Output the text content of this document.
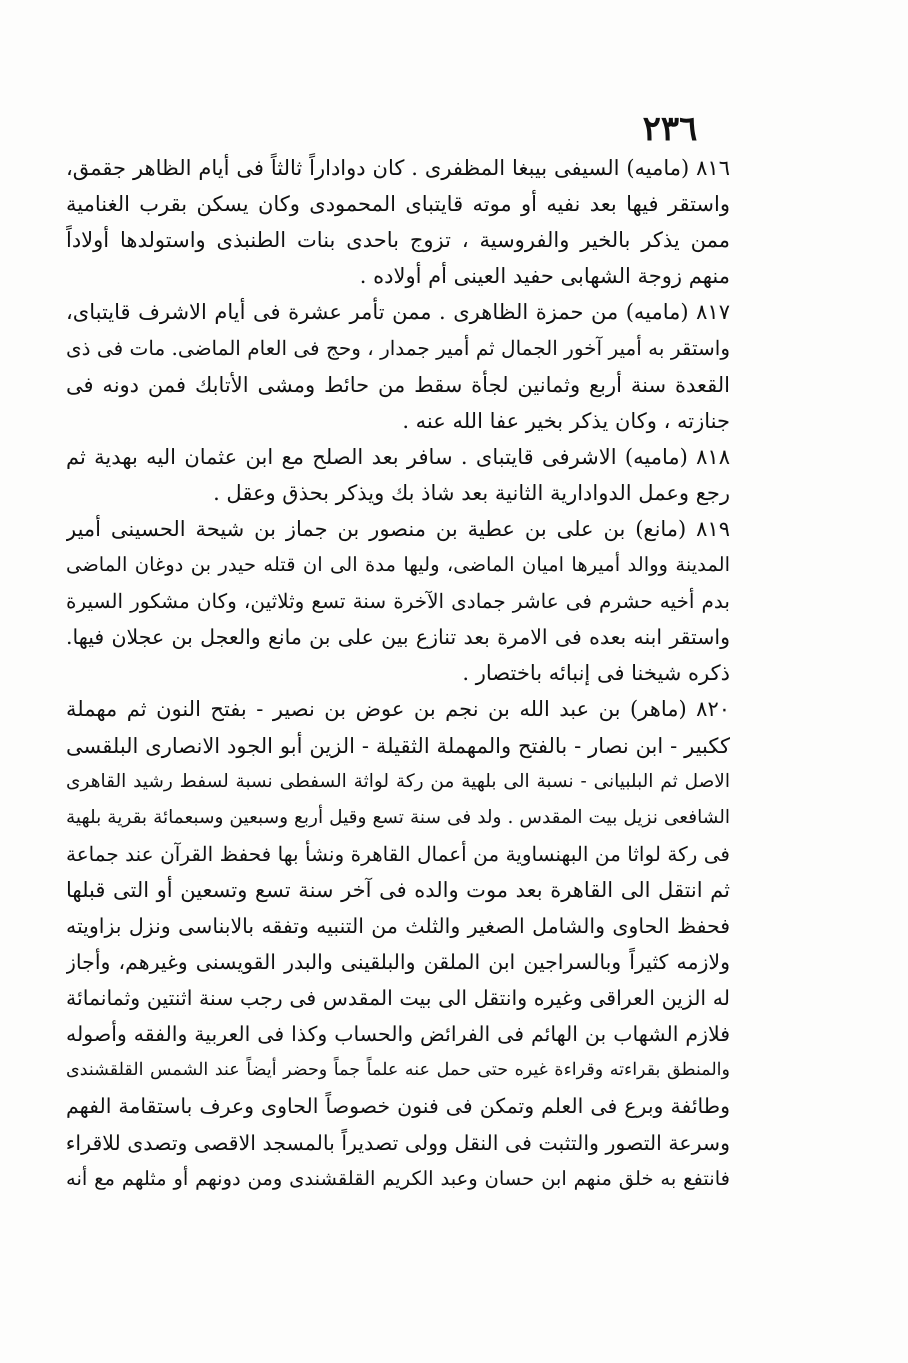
٢٣٦
٨١٦ (ماميه) السيفى بيبغا المظفرى . كان دواداراً ثالثاً فى أيام الظاهر جقمق،
واستقر فيها بعد نفيه أو موته قايتباى المحمودى وكان يسكن بقرب الغنامية
ممن يذكر بالخير والفروسية ، تزوج باحدى بنات الطنبذى واستولدها أولاداً
منهم زوجة الشهابى حفيد العينى أم أولاده .
٨١٧ (ماميه) من حمزة الظاهرى . ممن تأمر عشرة فى أيام الاشرف قايتباى،
واستقر به أمير آخور الجمال ثم أمير جمدار ، وحج فى العام الماضى. مات فى ذى
القعدة سنة أربع وثمانين لجأة سقط من حائط ومشى الأتابك فمن دونه فى
جنازته ، وكان يذكر بخير عفا الله عنه .
٨١٨ (ماميه) الاشرفى قايتباى . سافر بعد الصلح مع ابن عثمان اليه بهدية ثم
رجع وعمل الدوادارية الثانية بعد شاذ بك ويذكر بحذق وعقل .
٨١٩ (مانع) بن على بن عطية بن منصور بن جماز بن شيحة الحسينى أمير
المدينة ووالد أميرها اميان الماضى، وليها مدة الى ان قتله حيدر بن دوغان الماضى
بدم أخيه حشرم فى عاشر جمادى الآخرة سنة تسع وثلاثين، وكان مشكور السيرة
واستقر ابنه بعده فى الامرة بعد تنازع بين على بن مانع والعجل بن عجلان فيها.
ذكره شيخنا فى إنبائه باختصار .
٨٢٠ (ماهر) بن عبد الله بن نجم بن عوض بن نصير - بفتح النون ثم مهملة
ككبير - ابن نصار - بالفتح والمهملة الثقيلة - الزين أبو الجود الانصارى البلقسى
الاصل ثم البلبيانى - نسبة الى بلهية من ركة لواثة السفطى نسبة لسفط رشيد القاهرى
الشافعى نزيل بيت المقدس . ولد فى سنة تسع وقيل أربع وسبعين وسبعمائة بقرية بلهية
فى ركة لواثا من البهنساوية من أعمال القاهرة ونشأ بها فحفظ القرآن عند جماعة
ثم انتقل الى القاهرة بعد موت والده فى آخر سنة تسع وتسعين أو التى قبلها
فحفظ الحاوى والشامل الصغير والثلث من التنبيه وتفقه بالابناسى ونزل بزاويته
ولازمه كثيراً وبالسراجين ابن الملقن والبلقينى والبدر القويسنى وغيرهم، وأجاز
له الزين العراقى وغيره وانتقل الى بيت المقدس فى رجب سنة اثنتين وثمانمائة
فلازم الشهاب بن الهائم فى الفرائض والحساب وكذا فى العربية والفقه وأصوله
والمنطق بقراءته وقراءة غيره حتى حمل عنه علماً جماً وحضر أيضاً عند الشمس القلقشندى
وطائفة وبرع فى العلم وتمكن فى فنون خصوصاً الحاوى وعرف باستقامة الفهم
وسرعة التصور والتثبت فى النقل وولى تصديراً بالمسجد الاقصى وتصدى للاقراء
فانتفع به خلق منهم ابن حسان وعبد الكريم القلقشندى ومن دونهم أو مثلهم مع أنه
